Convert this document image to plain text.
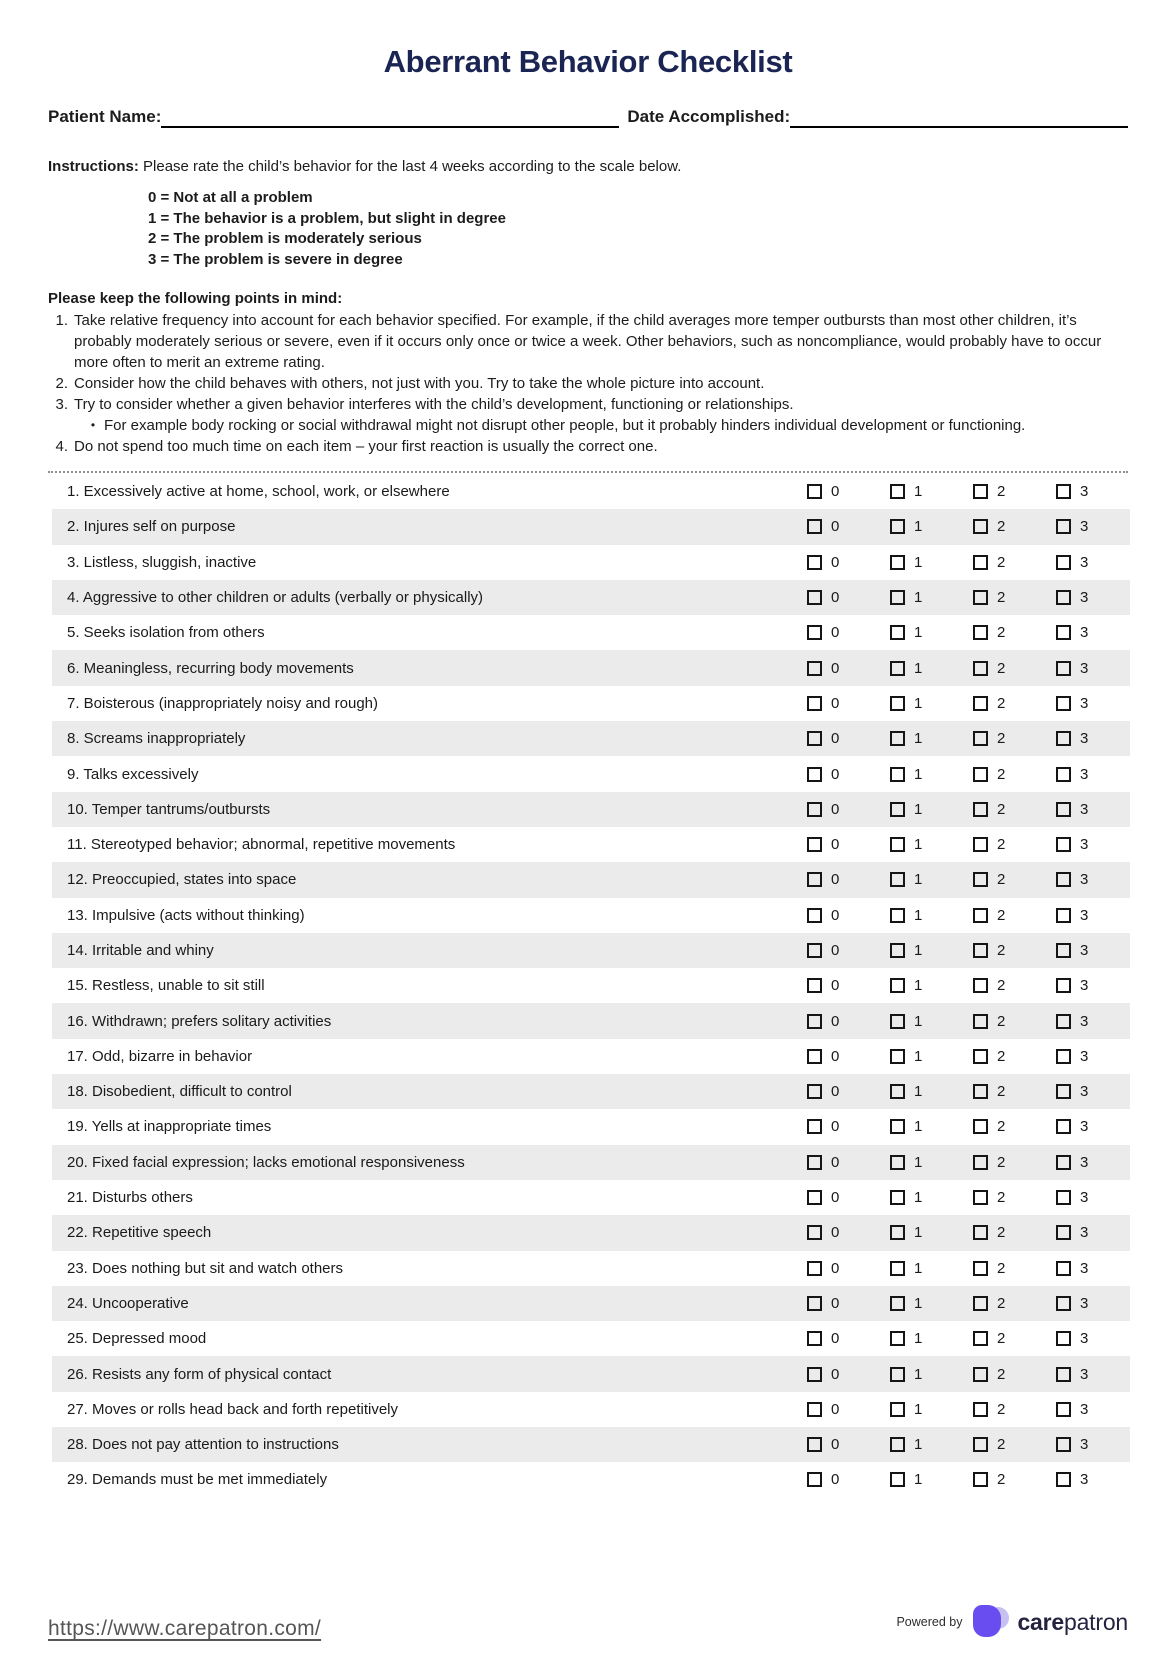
Aberrant Behavior Checklist
Patient Name:	Date Accomplished:
Instructions: Please rate the child’s behavior for the last 4 weeks according to the scale below.
0 = Not at all a problem
1 = The behavior is a problem, but slight in degree
2 = The problem is moderately serious
3 = The problem is severe in degree
Please keep the following points in mind:
1. Take relative frequency into account for each behavior specified. For example, if the child averages more temper outbursts than most other children, it’s probably moderately serious or severe, even if it occurs only once or twice a week. Other behaviors, such as noncompliance, would probably have to occur more often to merit an extreme rating.
2. Consider how the child behaves with others, not just with you. Try to take the whole picture into account.
3. Try to consider whether a given behavior interferes with the child’s development, functioning or relationships.
• For example body rocking or social withdrawal might not disrupt other people, but it probably hinders individual development or functioning.
4. Do not spend too much time on each item – your first reaction is usually the correct one.
1. Excessively active at home, school, work, or elsewhere	0	1	2	3
2. Injures self on purpose	0	1	2	3
3. Listless, sluggish, inactive	0	1	2	3
4. Aggressive to other children or adults (verbally or physically)	0	1	2	3
5. Seeks isolation from others	0	1	2	3
6. Meaningless, recurring body movements	0	1	2	3
7. Boisterous (inappropriately noisy and rough)	0	1	2	3
8. Screams inappropriately	0	1	2	3
9. Talks excessively	0	1	2	3
10. Temper tantrums/outbursts	0	1	2	3
11. Stereotyped behavior; abnormal, repetitive movements	0	1	2	3
12. Preoccupied, states into space	0	1	2	3
13. Impulsive (acts without thinking)	0	1	2	3
14. Irritable and whiny	0	1	2	3
15. Restless, unable to sit still	0	1	2	3
16. Withdrawn; prefers solitary activities	0	1	2	3
17. Odd, bizarre in behavior	0	1	2	3
18. Disobedient, difficult to control	0	1	2	3
19. Yells at inappropriate times	0	1	2	3
20. Fixed facial expression; lacks emotional responsiveness	0	1	2	3
21. Disturbs others	0	1	2	3
22. Repetitive speech	0	1	2	3
23. Does nothing but sit and watch others	0	1	2	3
24. Uncooperative	0	1	2	3
25. Depressed mood	0	1	2	3
26. Resists any form of physical contact	0	1	2	3
27. Moves or rolls head back and forth repetitively	0	1	2	3
28. Does not pay attention to instructions	0	1	2	3
29. Demands must be met immediately	0	1	2	3
https://www.carepatron.com/	Powered by carepatron
